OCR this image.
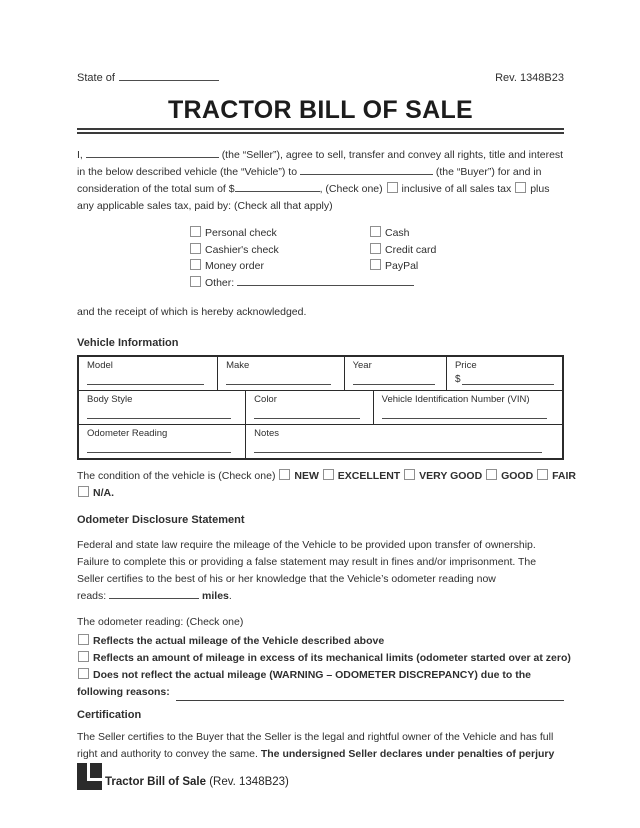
State of	Rev. 1348B23
TRACTOR BILL OF SALE

I,	(the “Seller”), agree to sell, transfer and convey all rights, title and interest in the below described vehicle (the “Vehicle”) to	(the “Buyer”) for and in consideration of the total sum of $	, (Check one) inclusive of all sales tax plus any applicable sales tax, paid by: (Check all that apply)

Personal check	Cash
Cashier's check	Credit card
Money order	PayPal
Other:

and the receipt of which is hereby acknowledged.

Vehicle Information
Model	Make		Year		Price
$

Body Style		Color		Vehicle Identification Number (VIN)	

Odometer Reading		Notes			
The condition of the vehicle is (Check one) NEW EXCELLENT VERY GOOD GOOD FAIR
N/A.
Odometer Disclosure Statement
Federal and state law require the mileage of the Vehicle to be provided upon transfer of ownership. Failure to complete this or providing a false statement may result in fines and/or imprisonment. The Seller certifies to the best of his or her knowledge that the Vehicle’s odometer reading now
reads:	miles.
The odometer reading: (Check one)
Reflects the actual mileage of the Vehicle described above
Reflects an amount of mileage in excess of its mechanical limits (odometer started over at zero)
Does not reflect the actual mileage (WARNING – ODOMETER DISCREPANCY) due to the
following reasons:
Certification

The Seller certifies to the Buyer that the Seller is the legal and rightful owner of the Vehicle and has full right and authority to convey the same. The undersigned Seller declares under penalties of perjury

Tractor Bill of Sale (Rev. 1348B23)
